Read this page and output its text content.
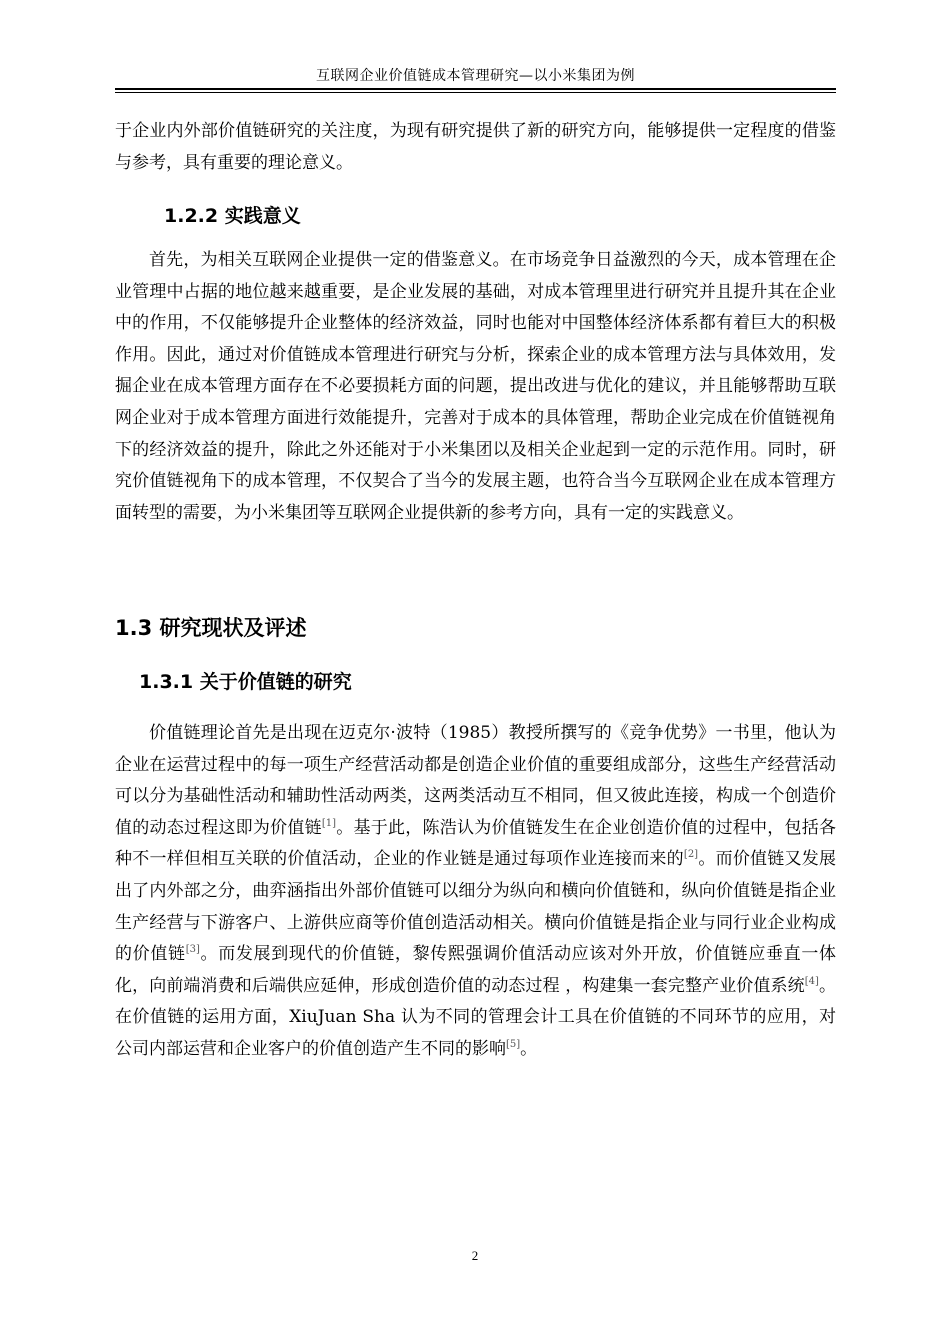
互联网企业价值链成本管理研究—以小米集团为例
于企业内外部价值链研究的关注度，为现有研究提供了新的研究方向，能够提供一定程度的借鉴与参考，具有重要的理论意义。
1.2.2 实践意义
首先，为相关互联网企业提供一定的借鉴意义。在市场竞争日益激烈的今天，成本管理在企业管理中占据的地位越来越重要，是企业发展的基础，对成本管理里进行研究并且提升其在企业中的作用，不仅能够提升企业整体的经济效益，同时也能对中国整体经济体系都有着巨大的积极作用。因此，通过对价值链成本管理进行研究与分析，探索企业的成本管理方法与具体效用，发掘企业在成本管理方面存在不必要损耗方面的问题，提出改进与优化的建议，并且能够帮助互联网企业对于成本管理方面进行效能提升，完善对于成本的具体管理，帮助企业完成在价值链视角下的经济效益的提升，除此之外还能对于小米集团以及相关企业起到一定的示范作用。同时，研究价值链视角下的成本管理，不仅契合了当今的发展主题，也符合当今互联网企业在成本管理方面转型的需要，为小米集团等互联网企业提供新的参考方向，具有一定的实践意义。
1.3 研究现状及评述
1.3.1 关于价值链的研究
价值链理论首先是出现在迈克尔·波特（1985）教授所撰写的《竞争优势》一书里，他认为企业在运营过程中的每一项生产经营活动都是创造企业价值的重要组成部分，这些生产经营活动可以分为基础性活动和辅助性活动两类，这两类活动互不相同，但又彼此连接，构成一个创造价值的动态过程这即为价值链[1]。基于此，陈浩认为价值链发生在企业创造价值的过程中，包括各种不一样但相互关联的价值活动，企业的作业链是通过每项作业连接而来的[2]。而价值链又发展出了内外部之分，曲弈涵指出外部价值链可以细分为纵向和横向价值链和，纵向价值链是指企业生产经营与下游客户、上游供应商等价值创造活动相关。横向价值链是指企业与同行业企业构成的价值链[3]。而发展到现代的价值链，黎传熙强调价值活动应该对外开放，价值链应垂直一体化，向前端消费和后端供应延伸，形成创造价值的动态过程 ，构建集一套完整产业价值系统[4]。在价值链的运用方面，XiuJuan Sha 认为不同的管理会计工具在价值链的不同环节的应用，对公司内部运营和企业客户的价值创造产生不同的影响[5]。
2
